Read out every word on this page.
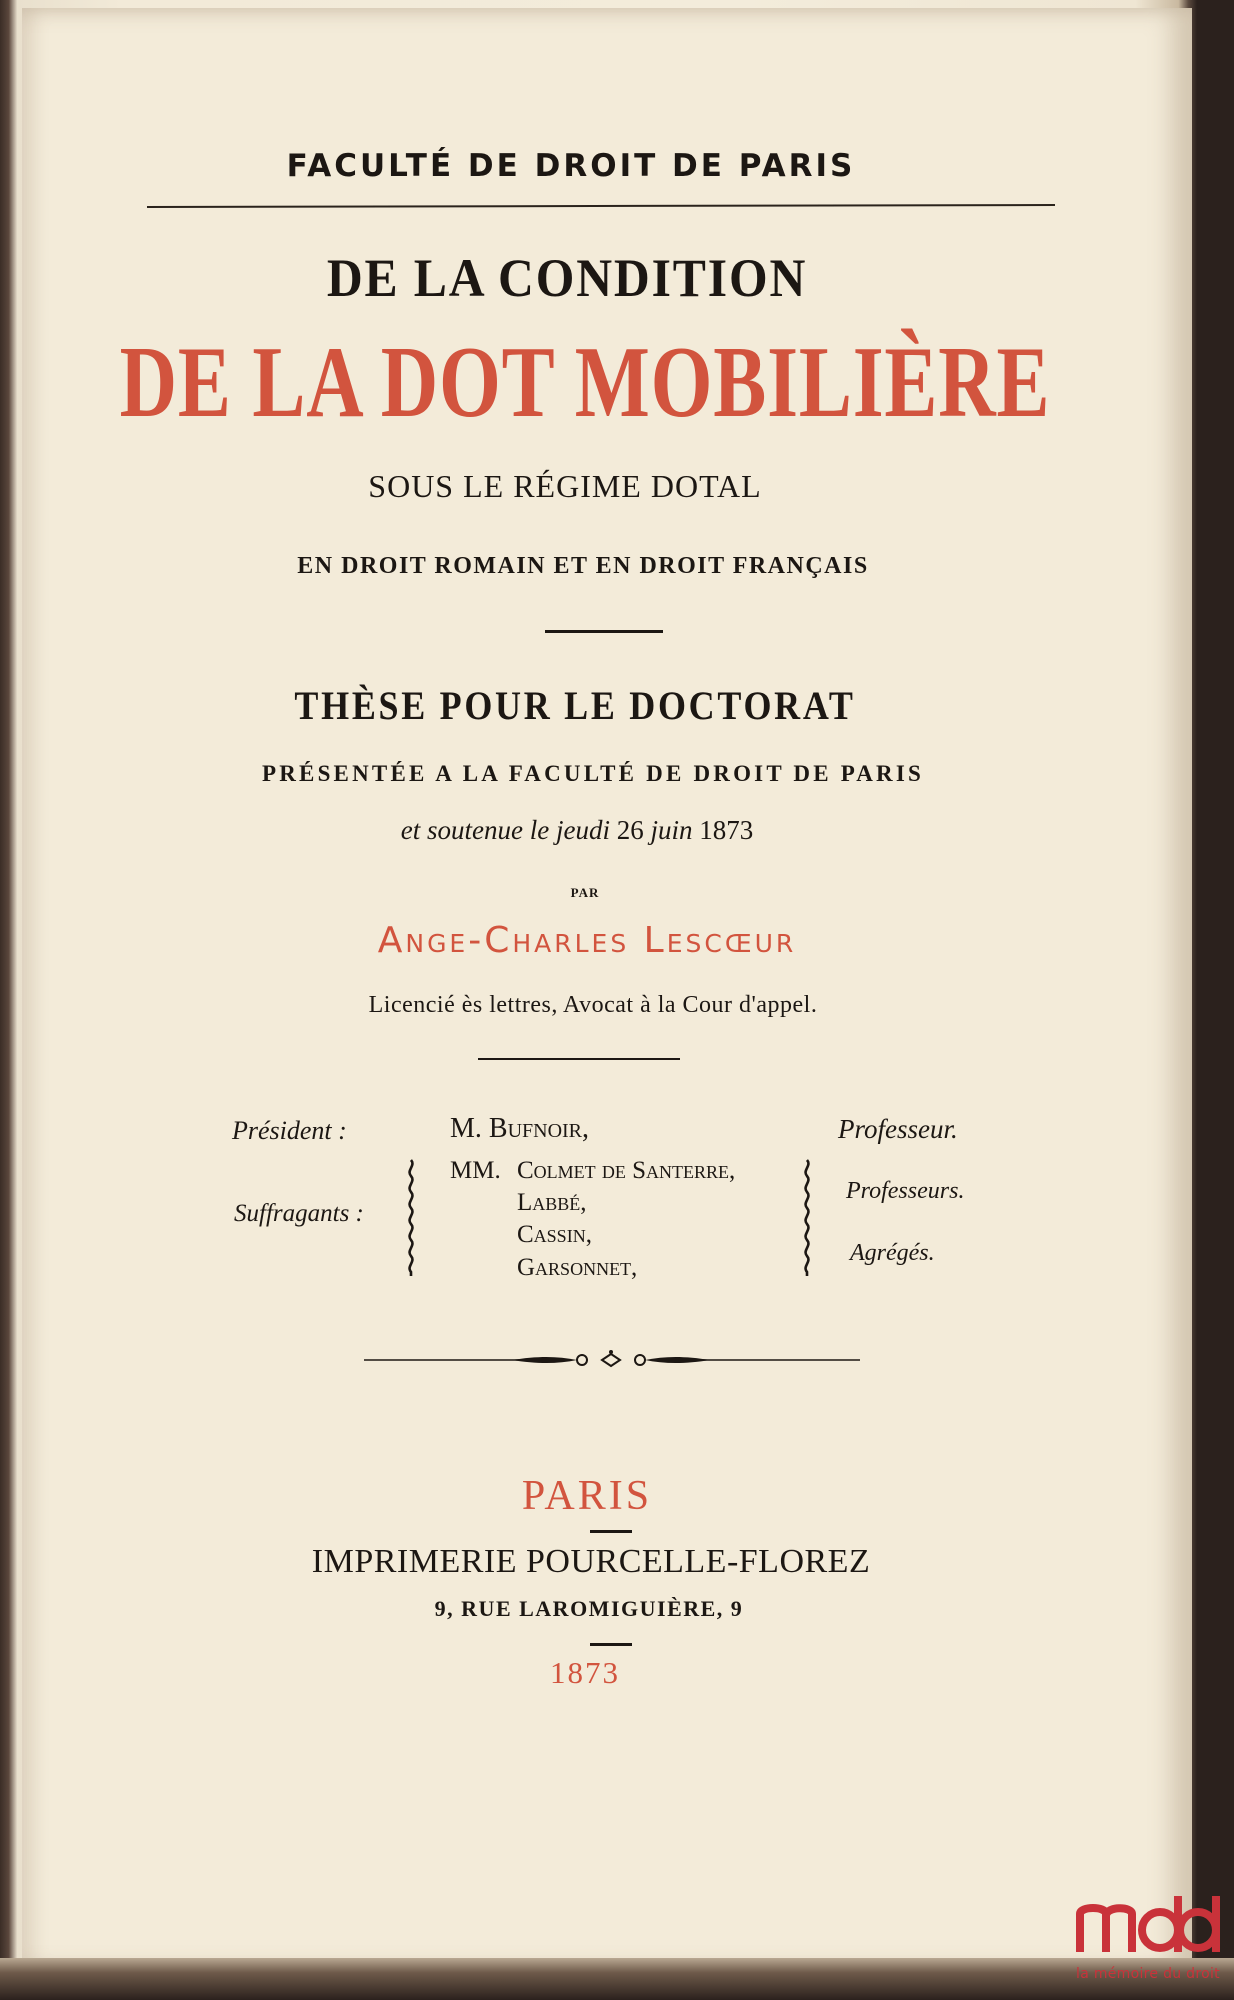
FACULTÉ DE DROIT DE PARIS
DE LA CONDITION
DE LA DOT MOBILIÈRE
SOUS LE RÉGIME DOTAL
EN DROIT ROMAIN ET EN DROIT FRANÇAIS
THÈSE POUR LE DOCTORAT
PRÉSENTÉE A LA FACULTÉ DE DROIT DE PARIS
et soutenue le jeudi 26 juin 1873
PAR
Ange-Charles Lescœur
Licencié ès lettres, Avocat à la Cour d'appel.
Président :	M. Bufnoir,	Professeur.
Suffragants :
MM. Colmet de Santerre,
Labbé,
Cassin,
Garsonnet,
Professeurs.
Agrégés.
PARIS
IMPRIMERIE POURCELLE-FLOREZ
9, RUE LAROMIGUIÈRE, 9
1873
la mémoire du droit
